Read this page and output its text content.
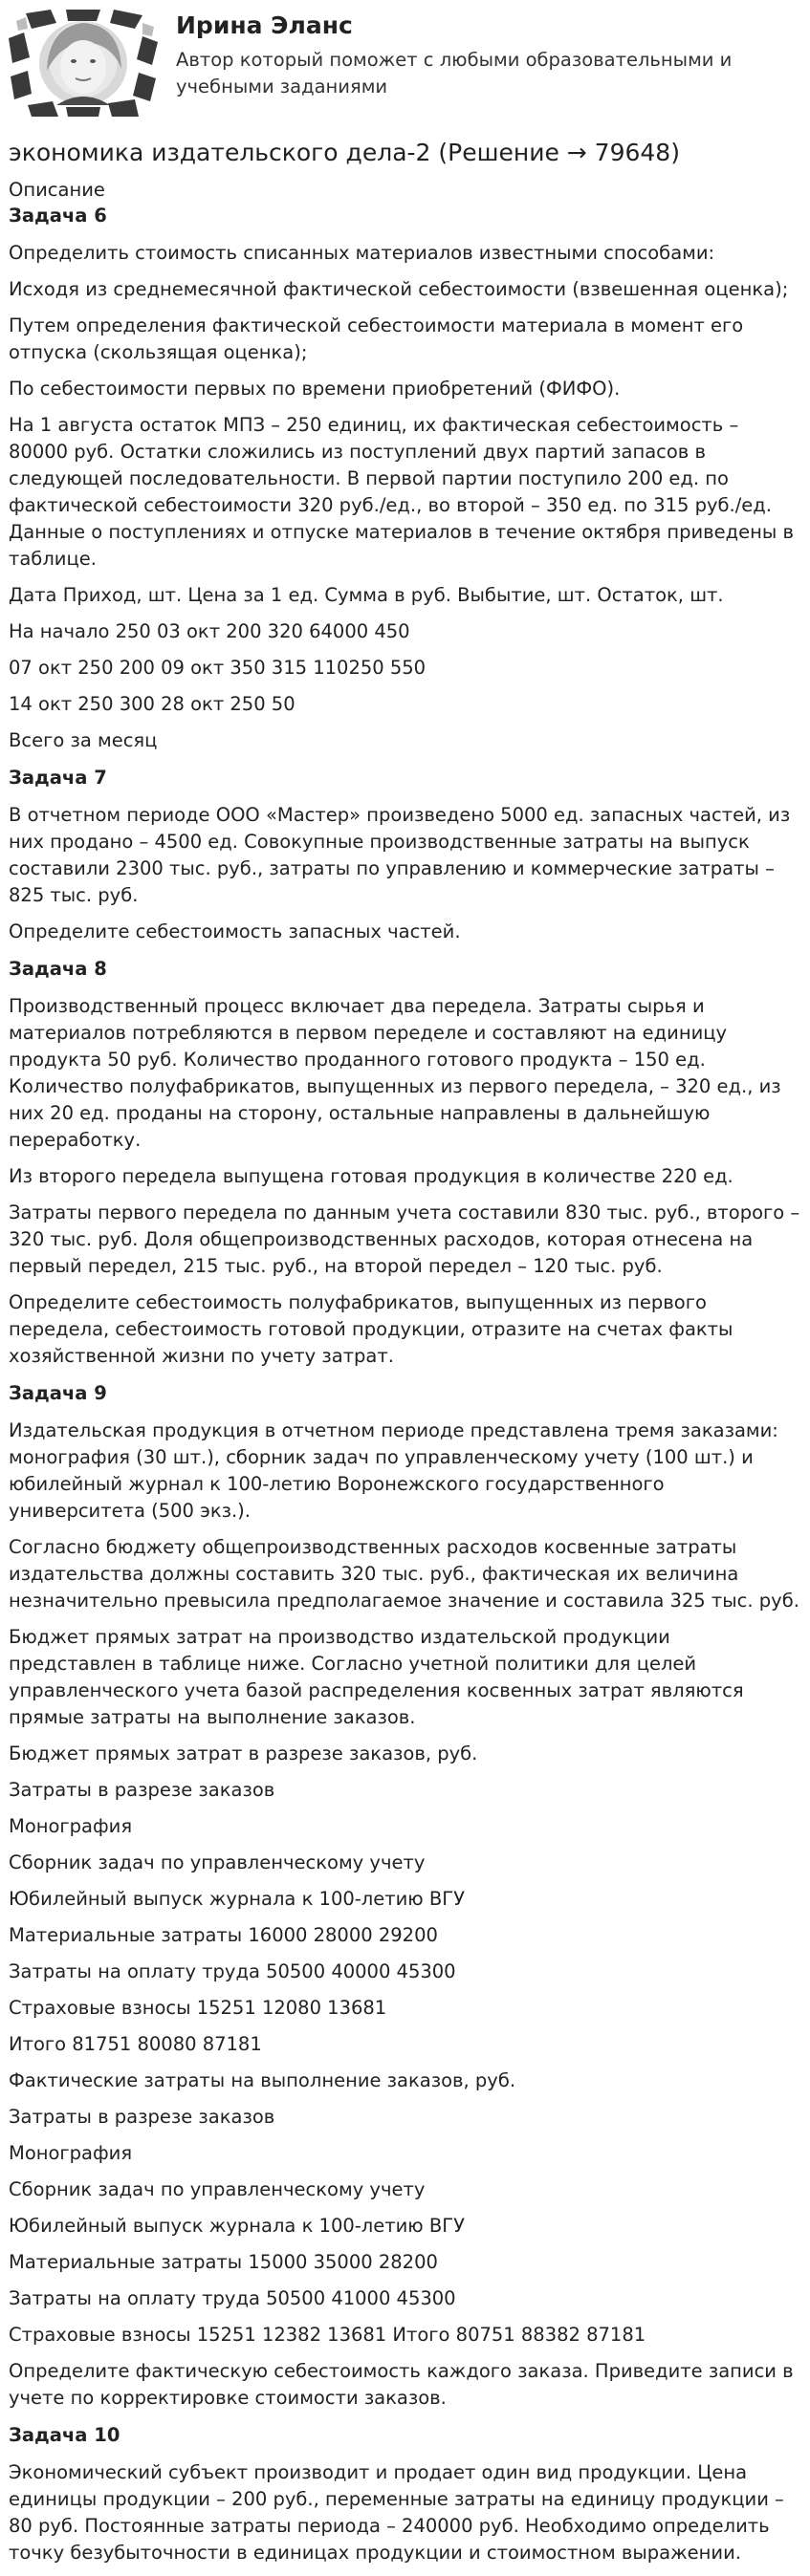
Ирина Эланс
Автор который поможет с любыми образовательными и учебными заданиями
экономика издательского дела-2 (Решение → 79648)

Описание

Задача 6

Определить стоимость списанных материалов известными способами:

Исходя из среднемесячной фактической себестоимости (взвешенная оценка);

Путем определения фактической себестоимости материала в момент его отпуска (скользящая оценка);

По себестоимости первых по времени приобретений (ФИФО).

На 1 августа остаток МПЗ – 250 единиц, их фактическая себестоимость – 80000 руб. Остатки сложились из поступлений двух партий запасов в следующей последовательности. В первой партии поступило 200 ед. по фактической себестоимости 320 руб./ед., во второй – 350 ед. по 315 руб./ед. Данные о поступлениях и отпуске материалов в течение октября приведены в таблице.

Дата Приход, шт. Цена за 1 ед. Сумма в руб. Выбытие, шт. Остаток, шт.

На начало 250 03 окт 200 320 64000 450

07 окт 250 200 09 окт 350 315 110250 550

14 окт 250 300 28 окт 250 50

Всего за месяц

Задача 7

В отчетном периоде ООО «Мастер» произведено 5000 ед. запасных частей, из них продано – 4500 ед. Совокупные производственные затраты на выпуск составили 2300 тыс. руб., затраты по управлению и коммерческие затраты – 825 тыс. руб.

Определите себестоимость запасных частей.

Задача 8

Производственный процесс включает два передела. Затраты сырья и материалов потребляются в первом переделе и составляют на единицу продукта 50 руб. Количество проданного готового продукта – 150 ед. Количество полуфабрикатов, выпущенных из первого передела, – 320 ед., из них 20 ед. проданы на сторону, остальные направлены в дальнейшую переработку.

Из второго передела выпущена готовая продукция в количестве 220 ед.

Затраты первого передела по данным учета составили 830 тыс. руб., второго – 320 тыс. руб. Доля общепроизводственных расходов, которая отнесена на первый передел, 215 тыс. руб., на второй передел – 120 тыс. руб.

Определите себестоимость полуфабрикатов, выпущенных из первого передела, себестоимость готовой продукции, отразите на счетах факты хозяйственной жизни по учету затрат.

Задача 9

Издательская продукция в отчетном периоде представлена тремя заказами: монография (30 шт.), сборник задач по управленческому учету (100 шт.) и юбилейный журнал к 100-летию Воронежского государственного университета (500 экз.).

Согласно бюджету общепроизводственных расходов косвенные затраты издательства должны составить 320 тыс. руб., фактическая их величина незначительно превысила предполагаемое значение и составила 325 тыс. руб.

Бюджет прямых затрат на производство издательской продукции представлен в таблице ниже. Согласно учетной политики для целей управленческого учета базой распределения косвенных затрат являются прямые затраты на выполнение заказов.

Бюджет прямых затрат в разрезе заказов, руб.

Затраты в разрезе заказов

Монография

Сборник задач по управленческому учету

Юбилейный выпуск журнала к 100-летию ВГУ

Материальные затраты 16000 28000 29200

Затраты на оплату труда 50500 40000 45300

Страховые взносы 15251 12080 13681

Итого 81751 80080 87181

Фактические затраты на выполнение заказов, руб.

Затраты в разрезе заказов

Монография

Сборник задач по управленческому учету

Юбилейный выпуск журнала к 100-летию ВГУ

Материальные затраты 15000 35000 28200

Затраты на оплату труда 50500 41000 45300

Страховые взносы 15251 12382 13681 Итого 80751 88382 87181

Определите фактическую себестоимость каждого заказа. Приведите записи в учете по корректировке стоимости заказов.

Задача 10

Экономический субъект производит и продает один вид продукции. Цена единицы продукции – 200 руб., переменные затраты на единицу продукции – 80 руб. Постоянные затраты периода – 240000 руб. Необходимо определить точку безубыточности в единицах продукции и стоимостном выражении.
